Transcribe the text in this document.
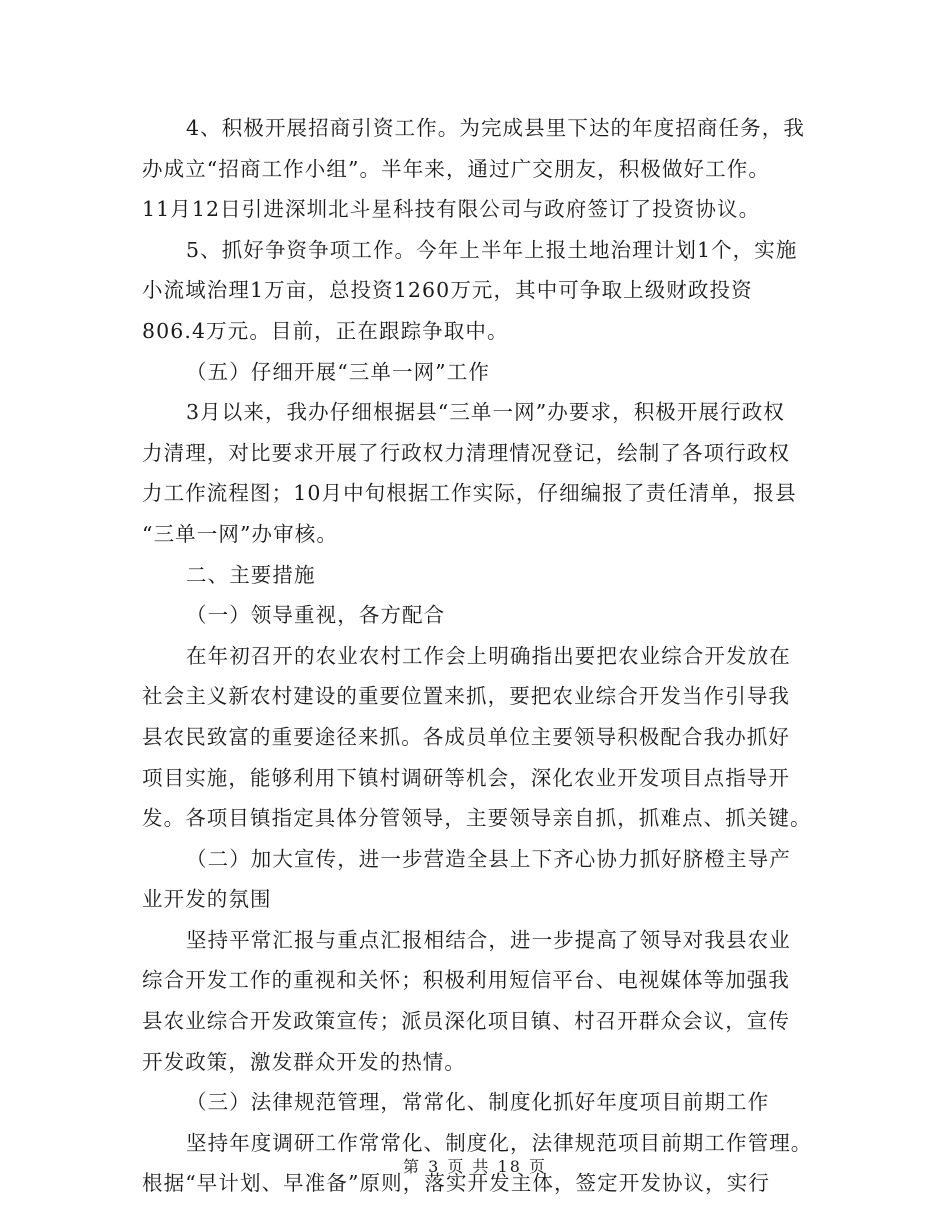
4、积极开展招商引资工作。为完成县里下达的年度招商任务，我
办成立“招商工作小组”。半年来，通过广交朋友，积极做好工作。
11月12日引进深圳北斗星科技有限公司与政府签订了投资协议。
5、抓好争资争项工作。今年上半年上报土地治理计划1个，实施
小流域治理1万亩，总投资1260万元，其中可争取上级财政投资
806.4万元。目前，正在跟踪争取中。
（五）仔细开展“三单一网”工作
3月以来，我办仔细根据县“三单一网”办要求，积极开展行政权
力清理，对比要求开展了行政权力清理情况登记，绘制了各项行政权
力工作流程图；10月中旬根据工作实际，仔细编报了责任清单，报县
“三单一网”办审核。
二、主要措施
（一）领导重视，各方配合
在年初召开的农业农村工作会上明确指出要把农业综合开发放在
社会主义新农村建设的重要位置来抓，要把农业综合开发当作引导我
县农民致富的重要途径来抓。各成员单位主要领导积极配合我办抓好
项目实施，能够利用下镇村调研等机会，深化农业开发项目点指导开
发。各项目镇指定具体分管领导，主要领导亲自抓，抓难点、抓关键。
（二）加大宣传，进一步营造全县上下齐心协力抓好脐橙主导产
业开发的氛围
坚持平常汇报与重点汇报相结合，进一步提高了领导对我县农业
综合开发工作的重视和关怀；积极利用短信平台、电视媒体等加强我
县农业综合开发政策宣传；派员深化项目镇、村召开群众会议，宣传
开发政策，激发群众开发的热情。
（三）法律规范管理，常常化、制度化抓好年度项目前期工作
坚持年度调研工作常常化、制度化，法律规范项目前期工作管理。
根据“早计划、早准备”原则，落实开发主体，签定开发协议，实行
第 3 页 共 18 页
